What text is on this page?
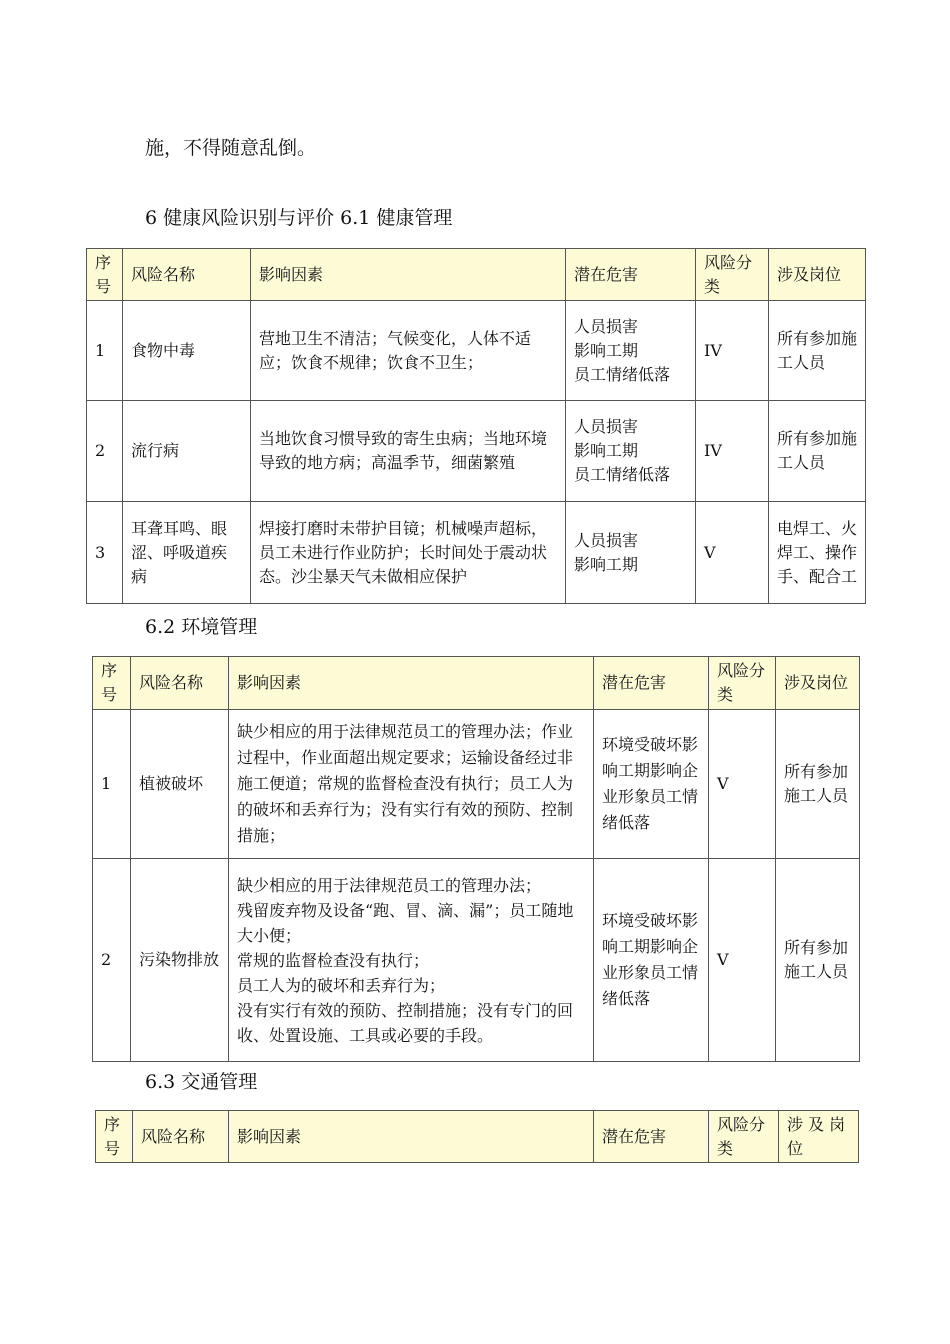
施，不得随意乱倒。

6 健康风险识别与评价 6.1 健康管理

序号	风险名称	影响因素	潜在危害	风险分类	涉及岗位
1	食物中毒	营地卫生不清洁；气候变化，人体不适应；饮食不规律；饮食不卫生；	人员损害
影响工期
员工情绪低落	IV	所有参加施工人员
2	流行病	当地饮食习惯导致的寄生虫病；当地环境导致的地方病；高温季节，细菌繁殖	人员损害
影响工期
员工情绪低落	IV	所有参加施工人员
3	耳聋耳鸣、眼涩、呼吸道疾病	焊接打磨时未带护目镜；机械噪声超标，员工未进行作业防护；长时间处于震动状态。沙尘暴天气未做相应保护	人员损害
影响工期	V	电焊工、火焊工、操作手、配合工

6.2 环境管理

序号	风险名称	影响因素	潜在危害	风险分类	涉及岗位
1	植被破坏	缺少相应的用于法律规范员工的管理办法；作业过程中，作业面超出规定要求；运输设备经过非施工便道；常规的监督检查没有执行；员工人为的破坏和丢弃行为；没有实行有效的预防、控制措施；	环境受破坏影响工期影响企业形象员工情绪低落	V	所有参加施工人员
2	污染物排放	缺少相应的用于法律规范员工的管理办法；
残留废弃物及设备“跑、冒、滴、漏”；员工随地大小便；
常规的监督检查没有执行；
员工人为的破坏和丢弃行为；
没有实行有效的预防、控制措施；没有专门的回收、处置设施、工具或必要的手段。	环境受破坏影响工期影响企业形象员工情绪低落	V	所有参加施工人员

6.3 交通管理

序号	风险名称	影响因素	潜在危害	风险分类	涉 及 岗位
